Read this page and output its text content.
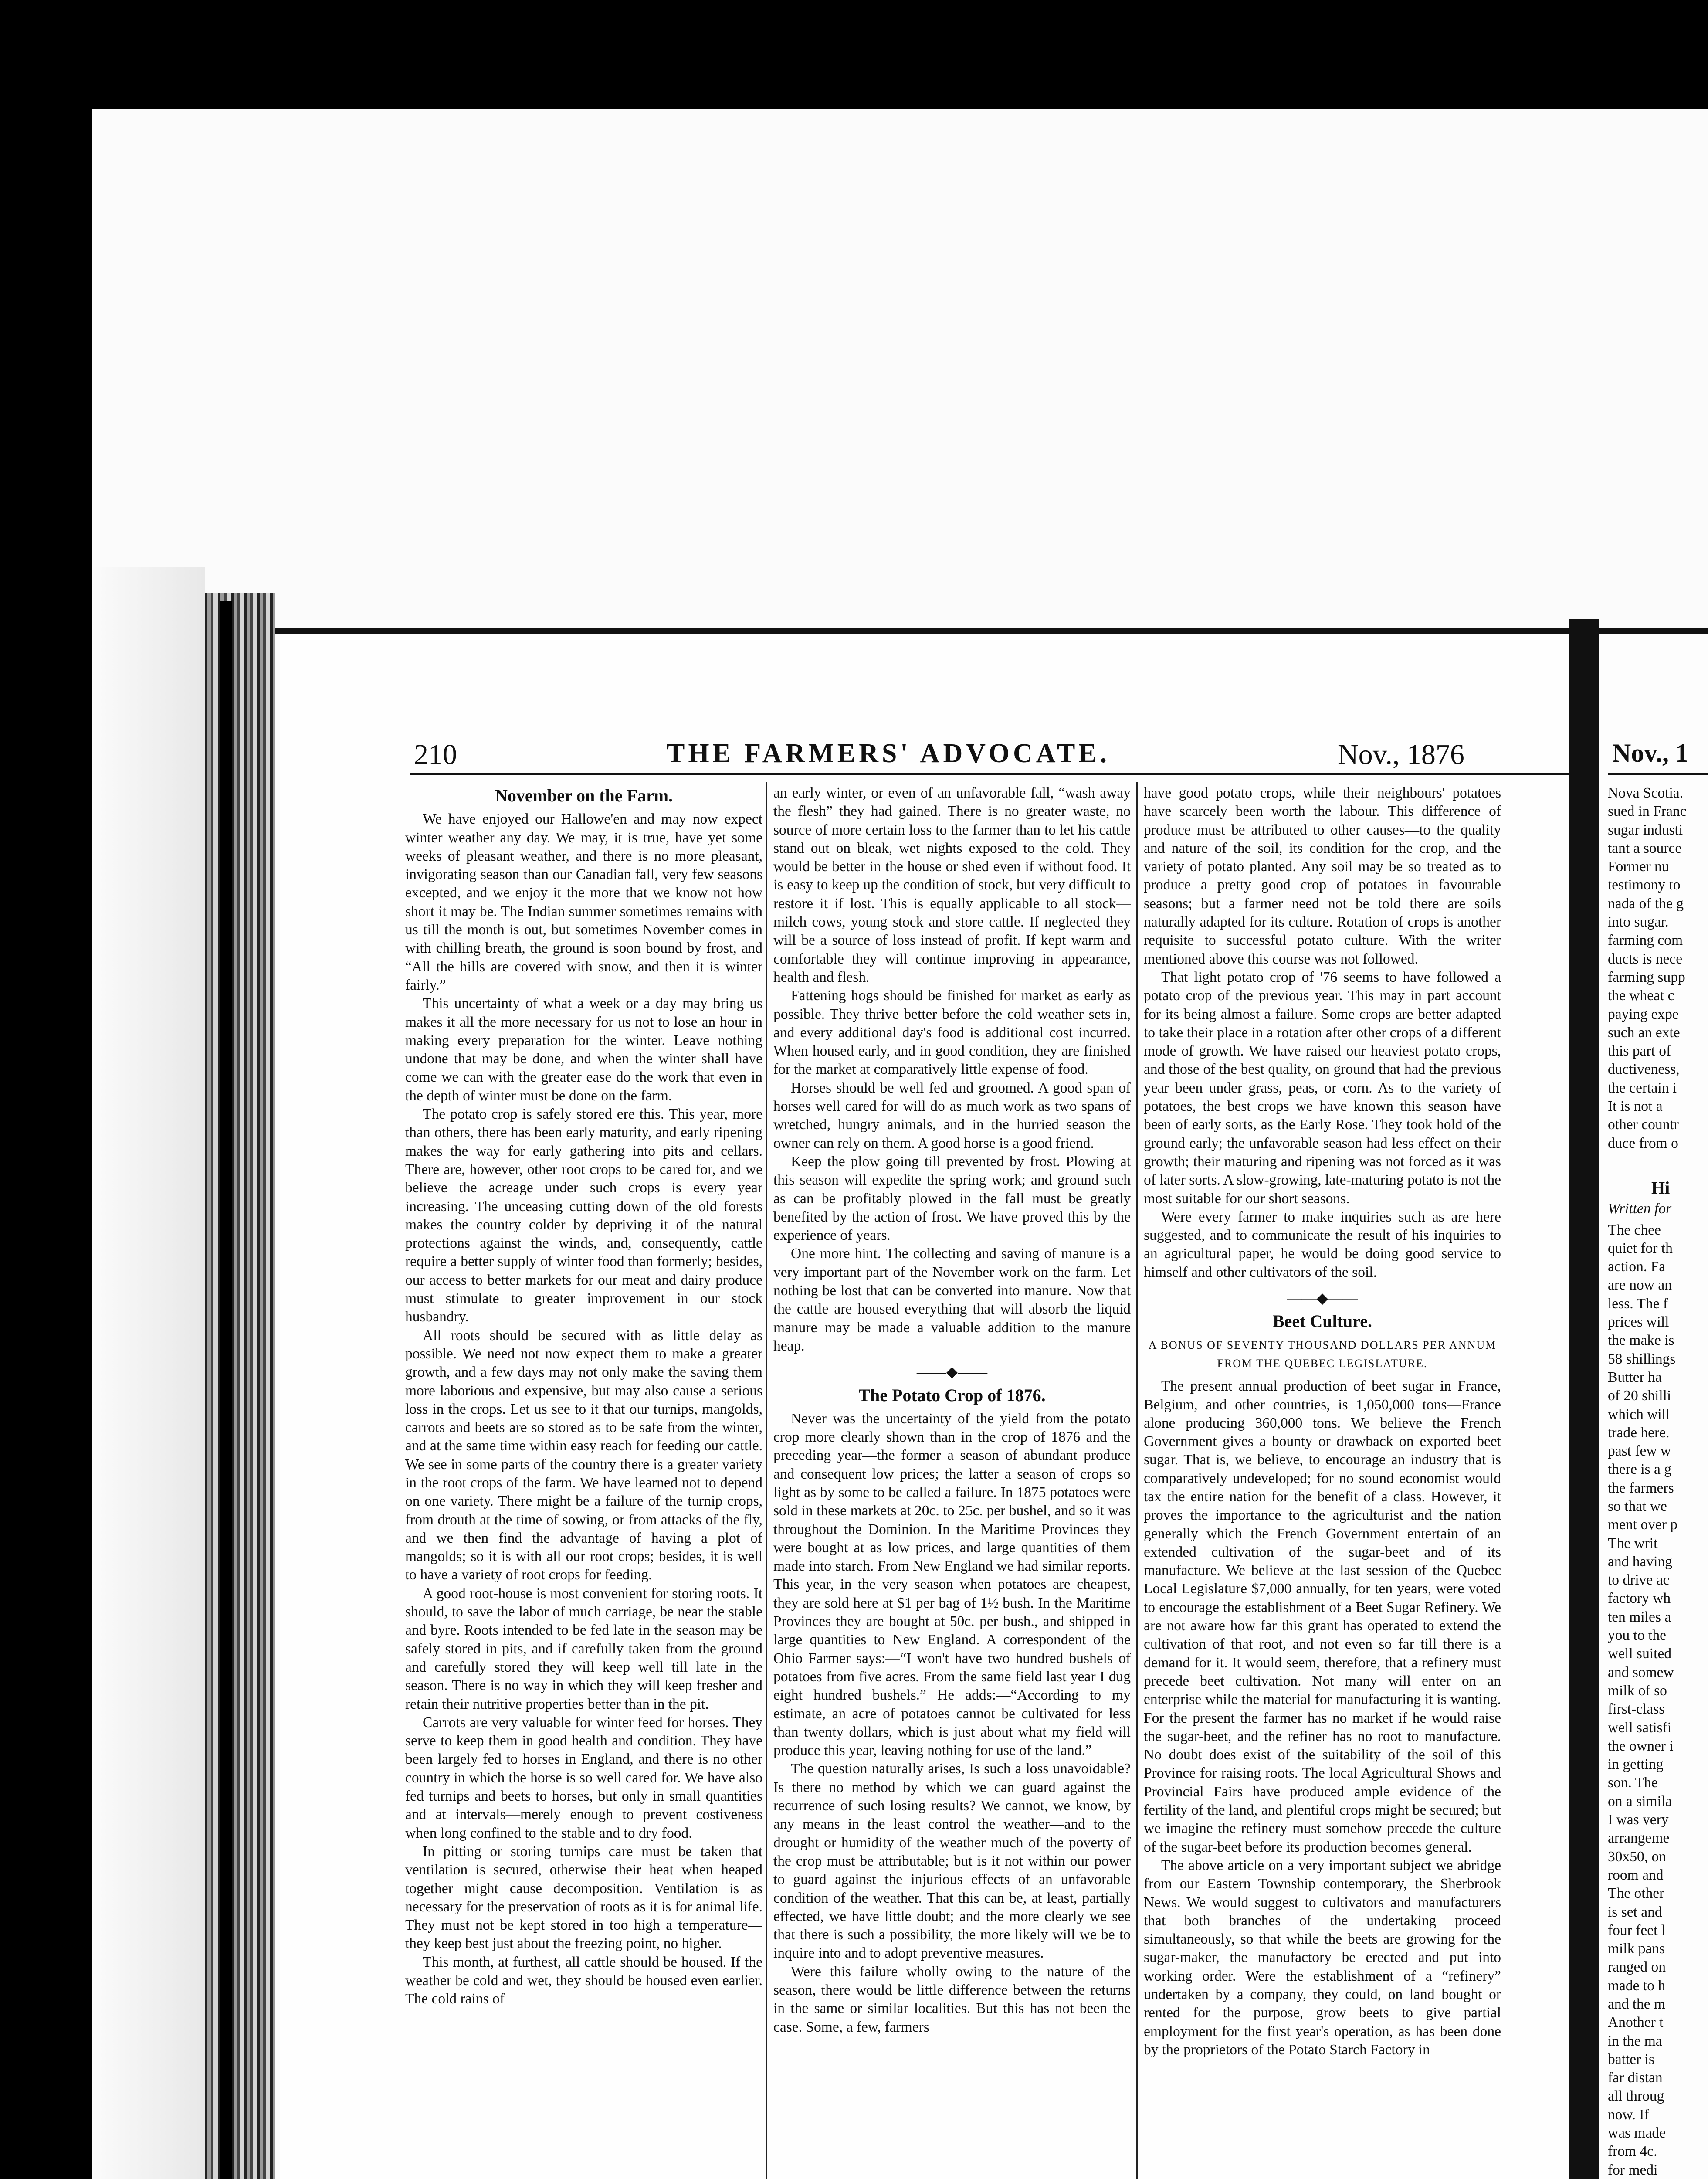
210	THE FARMERS' ADVOCATE.	Nov., 1876
November on the Farm.

We have enjoyed our Hallowe'en and may now expect winter weather any day. We may, it is true, have yet some weeks of pleasant weather, and there is no more pleasant, invigorating season than our Canadian fall, very few seasons excepted, and we enjoy it the more that we know not how short it may be. The Indian summer sometimes remains with us till the month is out, but sometimes November comes in with chilling breath, the ground is soon bound by frost, and “All the hills are covered with snow, and then it is winter fairly.”

This uncertainty of what a week or a day may bring us makes it all the more necessary for us not to lose an hour in making every preparation for the winter. Leave nothing undone that may be done, and when the winter shall have come we can with the greater ease do the work that even in the depth of winter must be done on the farm.

The potato crop is safely stored ere this. This year, more than others, there has been early maturity, and early ripening makes the way for early gathering into pits and cellars. There are, however, other root crops to be cared for, and we believe the acreage under such crops is every year increasing. The unceasing cutting down of the old forests makes the country colder by depriving it of the natural protections against the winds, and, consequently, cattle require a better supply of winter food than formerly; besides, our access to better markets for our meat and dairy produce must stimulate to greater improvement in our stock husbandry.

All roots should be secured with as little delay as possible. We need not now expect them to make a greater growth, and a few days may not only make the saving them more laborious and expensive, but may also cause a serious loss in the crops. Let us see to it that our turnips, mangolds, carrots and beets are so stored as to be safe from the winter, and at the same time within easy reach for feeding our cattle. We see in some parts of the country there is a greater variety in the root crops of the farm. We have learned not to depend on one variety. There might be a failure of the turnip crops, from drouth at the time of sowing, or from attacks of the fly, and we then find the advantage of having a plot of mangolds; so it is with all our root crops; besides, it is well to have a variety of root crops for feeding.

A good root-house is most convenient for storing roots. It should, to save the labor of much carriage, be near the stable and byre. Roots intended to be fed late in the season may be safely stored in pits, and if carefully taken from the ground and carefully stored they will keep well till late in the season. There is no way in which they will keep fresher and retain their nutritive properties better than in the pit.

Carrots are very valuable for winter feed for horses. They serve to keep them in good health and condition. They have been largely fed to horses in England, and there is no other country in which the horse is so well cared for. We have also fed turnips and beets to horses, but only in small quantities and at intervals—merely enough to prevent costiveness when long confined to the stable and to dry food.

In pitting or storing turnips care must be taken that ventilation is secured, otherwise their heat when heaped together might cause decomposition. Ventilation is as necessary for the preservation of roots as it is for animal life. They must not be kept stored in too high a temperature—they keep best just about the freezing point, no higher.

This month, at furthest, all cattle should be housed. If the weather be cold and wet, they should be housed even earlier. The cold rains of

an early winter, or even of an unfavorable fall, “wash away the flesh” they had gained. There is no greater waste, no source of more certain loss to the farmer than to let his cattle stand out on bleak, wet nights exposed to the cold. They would be better in the house or shed even if without food. It is easy to keep up the condition of stock, but very difficult to restore it if lost. This is equally applicable to all stock—milch cows, young stock and store cattle. If neglected they will be a source of loss instead of profit. If kept warm and comfortable they will continue improving in appearance, health and flesh.

Fattening hogs should be finished for market as early as possible. They thrive better before the cold weather sets in, and every additional day's food is additional cost incurred. When housed early, and in good condition, they are finished for the market at comparatively little expense of food.

Horses should be well fed and groomed. A good span of horses well cared for will do as much work as two spans of wretched, hungry animals, and in the hurried season the owner can rely on them. A good horse is a good friend.

Keep the plow going till prevented by frost. Plowing at this season will expedite the spring work; and ground such as can be profitably plowed in the fall must be greatly benefited by the action of frost. We have proved this by the experience of years.

One more hint. The collecting and saving of manure is a very important part of the November work on the farm. Let nothing be lost that can be converted into manure. Now that the cattle are housed everything that will absorb the liquid manure may be made a valuable addition to the manure heap.

——◆——
The Potato Crop of 1876.

Never was the uncertainty of the yield from the potato crop more clearly shown than in the crop of 1876 and the preceding year—the former a season of abundant produce and consequent low prices; the latter a season of crops so light as by some to be called a failure. In 1875 potatoes were sold in these markets at 20c. to 25c. per bushel, and so it was throughout the Dominion. In the Maritime Provinces they were bought at as low prices, and large quantities of them made into starch. From New England we had similar reports. This year, in the very season when potatoes are cheapest, they are sold here at $1 per bag of 1½ bush. In the Maritime Provinces they are bought at 50c. per bush., and shipped in large quantities to New England. A correspondent of the Ohio Farmer says:—“I won't have two hundred bushels of potatoes from five acres. From the same field last year I dug eight hundred bushels.” He adds:—“According to my estimate, an acre of potatoes cannot be cultivated for less than twenty dollars, which is just about what my field will produce this year, leaving nothing for use of the land.”

The question naturally arises, Is such a loss unavoidable? Is there no method by which we can guard against the recurrence of such losing results? We cannot, we know, by any means in the least control the weather—and to the drought or humidity of the weather much of the poverty of the crop must be attributable; but is it not within our power to guard against the injurious effects of an unfavorable condition of the weather. That this can be, at least, partially effected, we have little doubt; and the more clearly we see that there is such a possibility, the more likely will we be to inquire into and to adopt preventive measures.

Were this failure wholly owing to the nature of the season, there would be little difference between the returns in the same or similar localities. But this has not been the case. Some, a few, farmers

have good potato crops, while their neighbours' potatoes have scarcely been worth the labour. This difference of produce must be attributed to other causes—to the quality and nature of the soil, its condition for the crop, and the variety of potato planted. Any soil may be so treated as to produce a pretty good crop of potatoes in favourable seasons; but a farmer need not be told there are soils naturally adapted for its culture. Rotation of crops is another requisite to successful potato culture. With the writer mentioned above this course was not followed.

That light potato crop of '76 seems to have followed a potato crop of the previous year. This may in part account for its being almost a failure. Some crops are better adapted to take their place in a rotation after other crops of a different mode of growth. We have raised our heaviest potato crops, and those of the best quality, on ground that had the previous year been under grass, peas, or corn. As to the variety of potatoes, the best crops we have known this season have been of early sorts, as the Early Rose. They took hold of the ground early; the unfavorable season had less effect on their growth; their maturing and ripening was not forced as it was of later sorts. A slow-growing, late-maturing potato is not the most suitable for our short seasons.

Were every farmer to make inquiries such as are here suggested, and to communicate the result of his inquiries to an agricultural paper, he would be doing good service to himself and other cultivators of the soil.

——◆——
Beet Culture.
A BONUS OF SEVENTY THOUSAND DOLLARS PER ANNUM FROM THE QUEBEC LEGISLATURE.

The present annual production of beet sugar in France, Belgium, and other countries, is 1,050,000 tons—France alone producing 360,000 tons. We believe the French Government gives a bounty or drawback on exported beet sugar. That is, we believe, to encourage an industry that is comparatively undeveloped; for no sound economist would tax the entire nation for the benefit of a class. However, it proves the importance to the agriculturist and the nation generally which the French Government entertain of an extended cultivation of the sugar-beet and of its manufacture. We believe at the last session of the Quebec Local Legislature $7,000 annually, for ten years, were voted to encourage the establishment of a Beet Sugar Refinery. We are not aware how far this grant has operated to extend the cultivation of that root, and not even so far till there is a demand for it. It would seem, therefore, that a refinery must precede beet cultivation. Not many will enter on an enterprise while the material for manufacturing it is wanting. For the present the farmer has no market if he would raise the sugar-beet, and the refiner has no root to manufacture. No doubt does exist of the suitability of the soil of this Province for raising roots. The local Agricultural Shows and Provincial Fairs have produced ample evidence of the fertility of the land, and plentiful crops might be secured; but we imagine the refinery must somehow precede the culture of the sugar-beet before its production becomes general.

The above article on a very important subject we abridge from our Eastern Township contemporary, the Sherbrook News. We would suggest to cultivators and manufacturers that both branches of the undertaking proceed simultaneously, so that while the beets are growing for the sugar-maker, the manufactory be erected and put into working order. Were the establishment of a “refinery” undertaken by a company, they could, on land bought or rented for the purpose, grow beets to give partial employment for the first year's operation, as has been done by the proprietors of the Potato Starch Factory in

Nov., 1
Nova Scotia.
sued in Franc
sugar industi
tant a source
Former nu
testimony to
nada of the g
into sugar.
farming com
ducts is nece
farming supp
the wheat c
paying expe
such an exte
this part of
ductiveness,
the certain i
It is not a
other countr
duce from o
Hi
Written for
The chee
quiet for th
action. Fa
are now an
less. The f
prices will
the make is
58 shillings
Butter ha
of 20 shilli
which will
trade here.
past few w
there is a g
the farmers
so that we
ment over p
The writ
and having
to drive ac
factory wh
ten miles a
you to the
well suited
and somew
milk of so
first-class
well satisfi
the owner i
in getting
son. The
on a simila
I was very
arrangeme
30x50, on
room and
The other
is set and
four feet l
milk pans
ranged on
made to h
and the m
Another t
in the ma
batter is
far distan
all throug
now. If
was made
from 4c.
for medi
